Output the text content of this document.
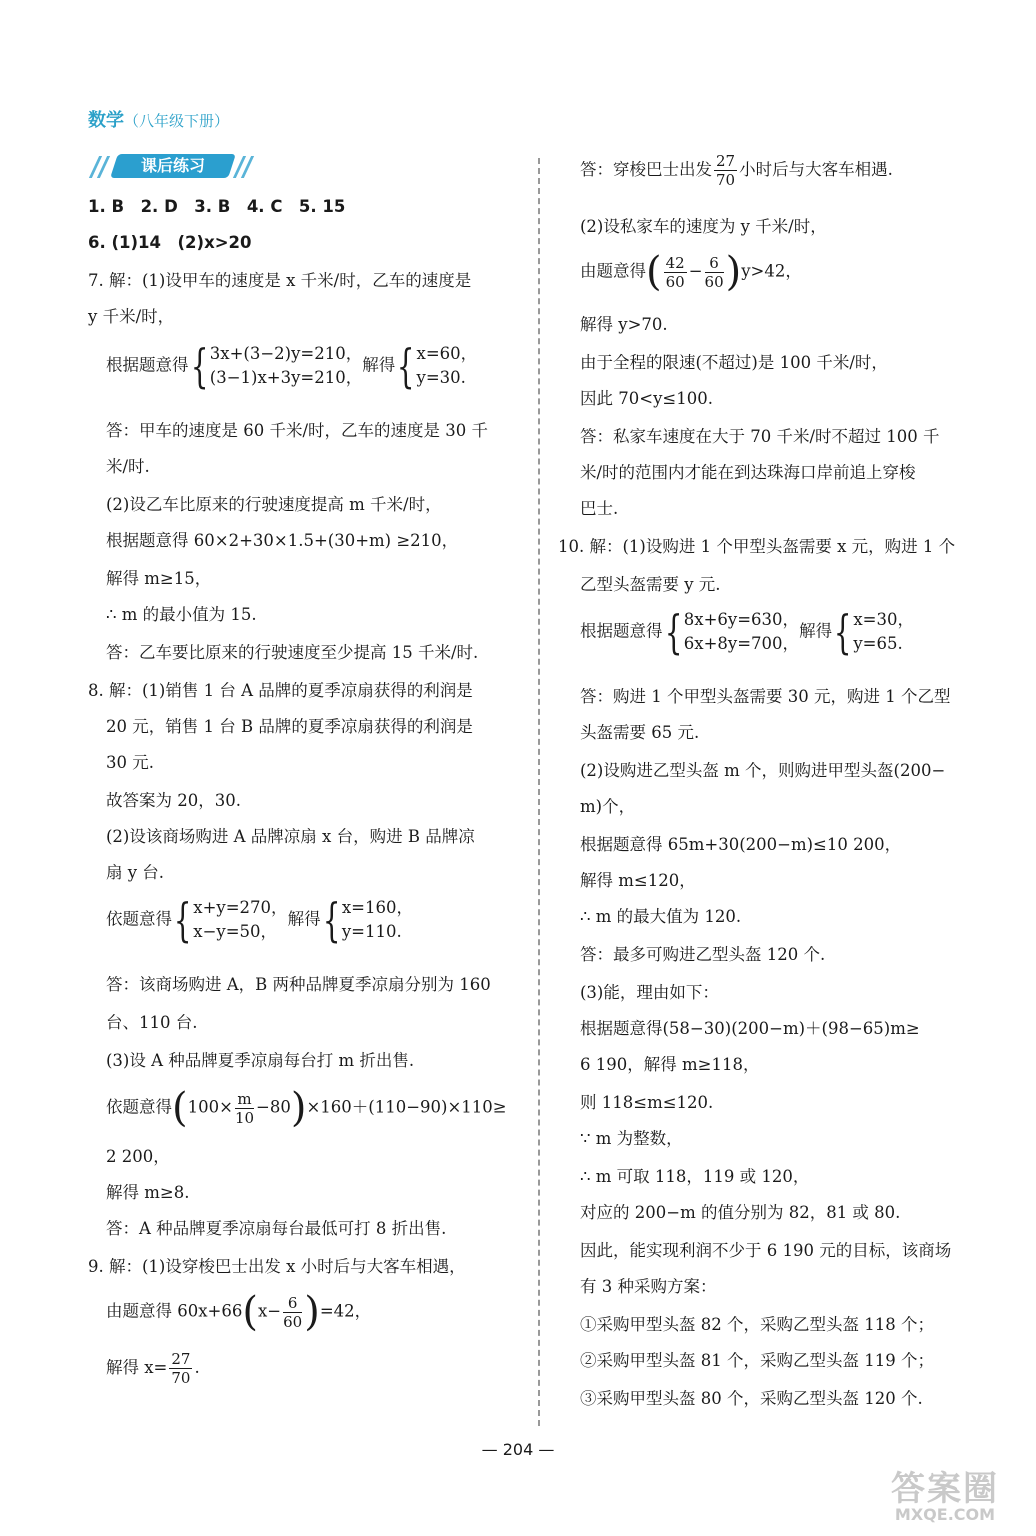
数学（八年级下册）
课后练习
1. B　2. D　3. B　4. C　5. 15
6. (1)14　(2)x>20
7. 解：(1)设甲车的速度是 x 千米/时，乙车的速度是
y 千米/时，
根据题意得{ 3x+(3−2)y=210，
(3−1)x+3y=210，解得{ x=60，
y=30.
答：甲车的速度是 60 千米/时，乙车的速度是 30 千
米/时.
(2)设乙车比原来的行驶速度提高 m 千米/时，
根据题意得 60×2+30×1.5+(30+m) ≥210，
解得 m≥15，
∴ m 的最小值为 15.
答：乙车要比原来的行驶速度至少提高 15 千米/时.
8. 解：(1)销售 1 台 A 品牌的夏季凉扇获得的利润是
20 元，销售 1 台 B 品牌的夏季凉扇获得的利润是
30 元.
故答案为 20，30.
(2)设该商场购进 A 品牌凉扇 x 台，购进 B 品牌凉
扇 y 台.
依题意得{ x+y=270，
x−y=50，解得{ x=160，
y=110.
答：该商场购进 A，B 两种品牌夏季凉扇分别为 160
台、110 台.
(3)设 A 种品牌夏季凉扇每台打 m 折出售.
依题意得$(100\times \frac{m}{10} -80)\times 160+(110-90)\times 110\ge$
2 200，
解得 m≥8.
答：A 种品牌夏季凉扇每台最低可打 8 折出售.
9. 解：(1)设穿梭巴士出发 x 小时后与大客车相遇，
由题意得 $60x+66(x- \frac{6}{60} )=42$，
解得 $x= \frac{27}{70}$ .
答：穿梭巴士出发 $\frac{27}{70}$ 小时后与大客车相遇.
(2)设私家车的速度为 y 千米/时，
由题意得( $\frac{42}{60} - \frac{6}{60} )y>42$，
解得 y>70.
由于全程的限速(不超过)是 100 千米/时，
因此 70<y≤100.
答：私家车速度在大于 70 千米/时不超过 100 千
米/时的范围内才能在到达珠海口岸前追上穿梭
巴士.
10. 解：(1)设购进 1 个甲型头盔需要 x 元，购进 1 个
乙型头盔需要 y 元.
根据题意得{ 8x+6y=630，
6x+8y=700，解得{ x=30，
y=65.
答：购进 1 个甲型头盔需要 30 元，购进 1 个乙型
头盔需要 65 元.
(2)设购进乙型头盔 m 个，则购进甲型头盔(200−
m)个，
根据题意得 65m+30(200−m)≤10 200，
解得 m≤120，
∴ m 的最大值为 120.
答：最多可购进乙型头盔 120 个.
(3)能，理由如下：
根据题意得(58−30)(200−m)＋(98−65)m≥
6 190，解得 m≥118，
则 118≤m≤120.
∵ m 为整数，
∴ m 可取 118，119 或 120，
对应的 200−m 的值分别为 82，81 或 80.
因此，能实现利润不少于 6 190 元的目标，该商场
有 3 种采购方案：
①采购甲型头盔 82 个，采购乙型头盔 118 个；
②采购甲型头盔 81 个，采购乙型头盔 119 个；
③采购甲型头盔 80 个，采购乙型头盔 120 个.
— 204 —
答案圈
MXQE.COM
